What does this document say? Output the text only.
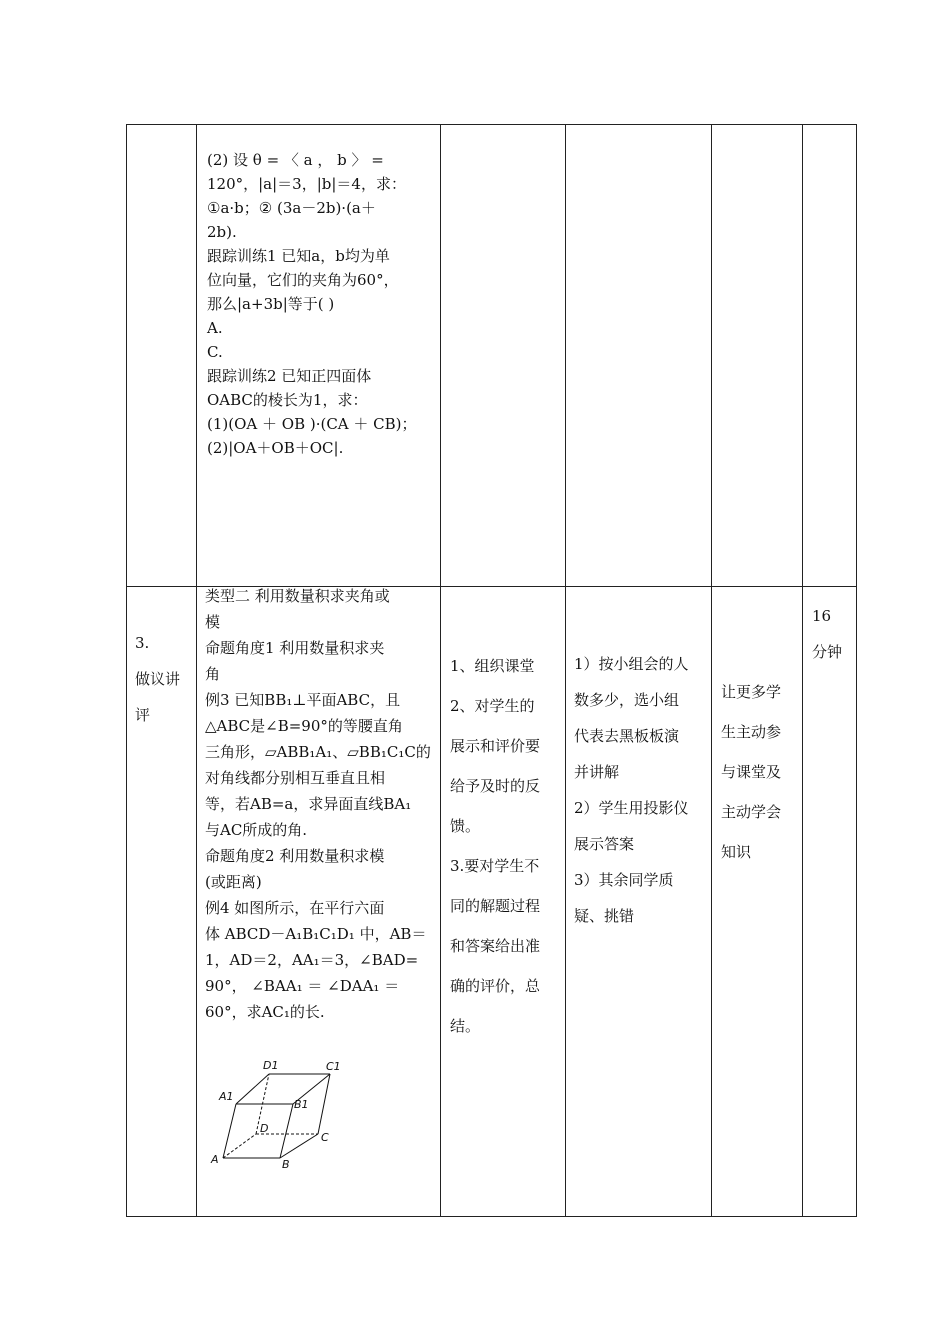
(2) 设 θ = 〈 a ， b 〉 =
120°，|a|＝3，|b|＝4，求：
①a·b；② (3a－2b)·(a＋
2b).
跟踪训练1 已知a，b均为单
位向量，它们的夹角为60°，
那么|a+3b|等于( )
A.
C.
跟踪训练2 已知正四面体
OABC的棱长为1，求：
(1)(OA ＋ OB )·(CA ＋ CB)；
(2)|OA＋OB＋OC|.
3.
做议讲
评
类型二 利用数量积求夹角或
模
命题角度1 利用数量积求夹
角
例3 已知BB₁⊥平面ABC，且
△ABC是∠B=90°的等腰直角
三角形，▱ABB₁A₁、▱BB₁C₁C的
对角线都分别相互垂直且相
等，若AB=a，求异面直线BA₁
与AC所成的角.
命题角度2 利用数量积求模
(或距离)
例4 如图所示，在平行六面
体 ABCD－A₁B₁C₁D₁ 中，AB＝
1，AD＝2，AA₁＝3，∠BAD=
90°， ∠BAA₁ ＝ ∠DAA₁ ＝
60°，求AC₁的长.
A	B
C
D
A1
B1
C1
D1
1、组织课堂
2、对学生的
展示和评价要
给予及时的反
馈。
3.要对学生不
同的解题过程
和答案给出准
确的评价，总
结。
1）按小组会的人
数多少，选小组
代表去黑板板演
并讲解
2）学生用投影仪
展示答案
3）其余同学质
疑、挑错
让更多学
生主动参
与课堂及
主动学会
知识
16
分钟
